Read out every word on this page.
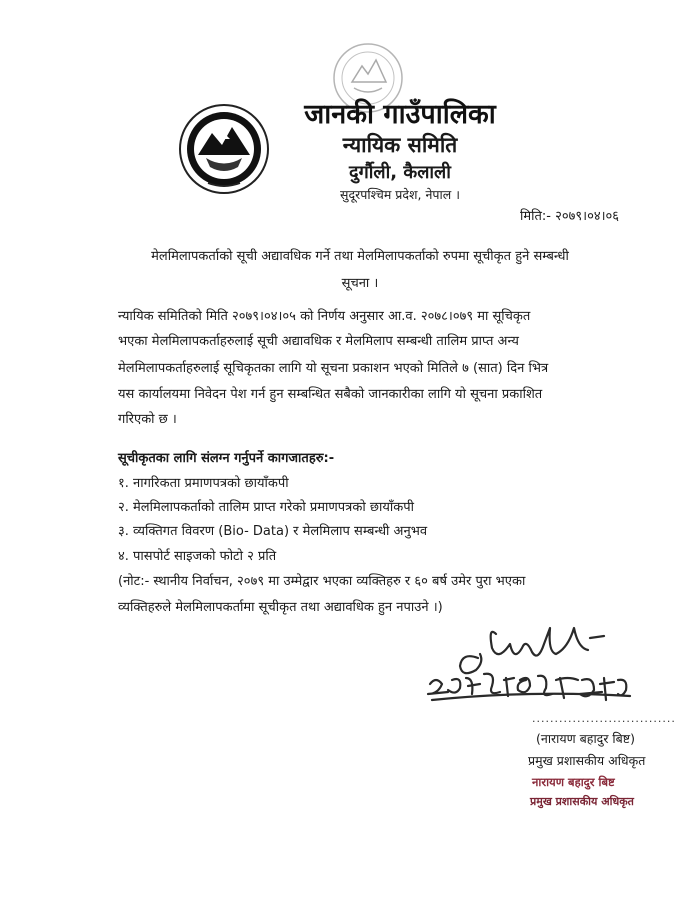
जानकी गाउँपालिका
न्यायिक समिति
दुर्गौली, कैलाली
सुदूरपश्चिम प्रदेश, नेपाल ।
मिति:- २०७९।०४।०६
मेलमिलापकर्ताको सूची अद्यावधिक गर्ने तथा मेलमिलापकर्ताको रुपमा सूचीकृत हुने सम्बन्धी
सूचना ।
न्यायिक समितिको मिति २०७९।०४।०५ को निर्णय अनुसार आ.व. २०७८।०७९ मा सूचिकृत
भएका मेलमिलापकर्ताहरुलाई सूची अद्यावधिक र मेलमिलाप सम्बन्धी तालिम प्राप्त अन्य
मेलमिलापकर्ताहरुलाई सूचिकृतका लागि यो सूचना प्रकाशन भएको मितिले ७ (सात) दिन भित्र
यस कार्यालयमा निवेदन पेश गर्न हुन सम्बन्धित सबैको जानकारीका लागि यो सूचना प्रकाशित
गरिएको छ ।
सूचीकृतका लागि संलग्न गर्नुपर्ने कागजातहरु:-
१. नागरिकता प्रमाणपत्रको छायाँकपी
२. मेलमिलापकर्ताको तालिम प्राप्त गरेको प्रमाणपत्रको छायाँकपी
३. व्यक्तिगत विवरण (Bio- Data) र मेलमिलाप सम्बन्धी अनुभव
४. पासपोर्ट साइजको फोटो २ प्रति
(नोट:- स्थानीय निर्वाचन, २०७९ मा उम्मेद्वार भएका व्यक्तिहरु र ६० बर्ष उमेर पुरा भएका
व्यक्तिहरुले मेलमिलापकर्तामा सूचीकृत तथा अद्यावधिक हुन नपाउने ।)
................................
(नारायण बहादुर बिष्ट)
प्रमुख प्रशासकीय अधिकृत
नारायण बहादुर बिष्ट
प्रमुख प्रशासकीय अधिकृत
